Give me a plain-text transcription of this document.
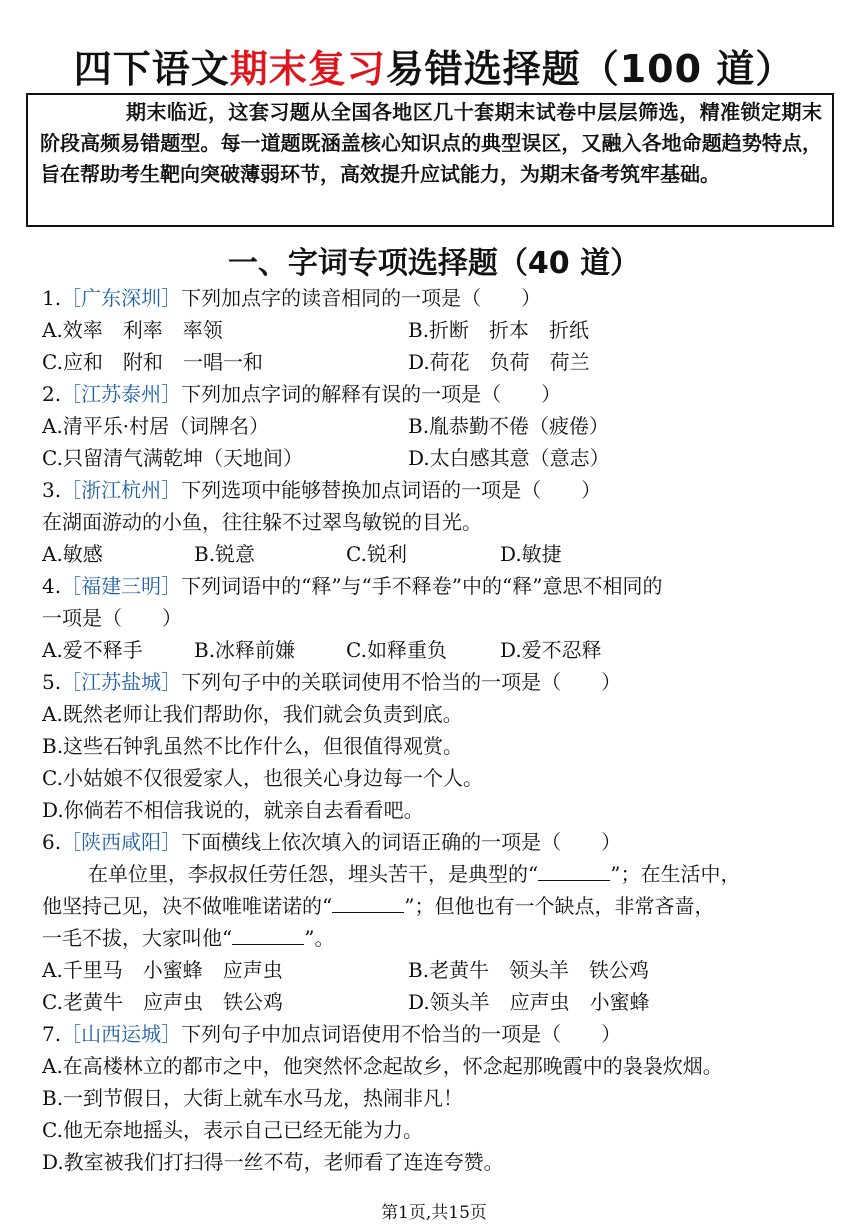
四下语文期末复习易错选择题（100 道）
期末临近，这套习题从全国各地区几十套期末试卷中层层筛选，精准锁定期末阶段高频易错题型。每一道题既涵盖核心知识点的典型误区，又融入各地命题趋势特点，旨在帮助考生靶向突破薄弱环节，高效提升应试能力，为期末备考筑牢基础。
一、字词专项选择题（40 道）
1.［广东深圳］下列加点字的读音相同的一项是（　　）
A.效率　利率　率领	B.折断　折本　折纸
C.应和　附和　一唱一和	D.荷花　负荷　荷兰
2.［江苏泰州］下列加点字词的解释有误的一项是（　　）
A.清平乐·村居（词牌名）	B.胤恭勤不倦（疲倦）
C.只留清气满乾坤（天地间）	D.太白感其意（意志）
3.［浙江杭州］下列选项中能够替换加点词语的一项是（　　）
在湖面游动的小鱼，往往躲不过翠鸟敏锐的目光。
A.敏感	B.锐意	C.锐利	D.敏捷
4.［福建三明］下列词语中的“释”与“手不释卷”中的“释”意思不相同的
一项是（　　）
A.爱不释手	B.冰释前嫌	C.如释重负	D.爱不忍释
5.［江苏盐城］下列句子中的关联词使用不恰当的一项是（　　）
A.既然老师让我们帮助你，我们就会负责到底。
B.这些石钟乳虽然不比作什么，但很值得观赏。
C.小姑娘不仅很爱家人，也很关心身边每一个人。
D.你倘若不相信我说的，就亲自去看看吧。
6.［陕西咸阳］下面横线上依次填入的词语正确的一项是（　　）
在单位里，李叔叔任劳任怨，埋头苦干，是典型的“	”；在生活中，
他坚持己见，决不做唯唯诺诺的“	”；但他也有一个缺点，非常吝啬，
一毛不拔，大家叫他“	”。
A.千里马　小蜜蜂　应声虫	B.老黄牛　领头羊　铁公鸡
C.老黄牛　应声虫　铁公鸡	D.领头羊　应声虫　小蜜蜂
7.［山西运城］下列句子中加点词语使用不恰当的一项是（　　）
A.在高楼林立的都市之中，他突然怀念起故乡，怀念起那晚霞中的袅袅炊烟。
B.一到节假日，大街上就车水马龙，热闹非凡！
C.他无奈地摇头，表示自己已经无能为力。
D.教室被我们打扫得一丝不苟，老师看了连连夸赞。
第1页,共15页
